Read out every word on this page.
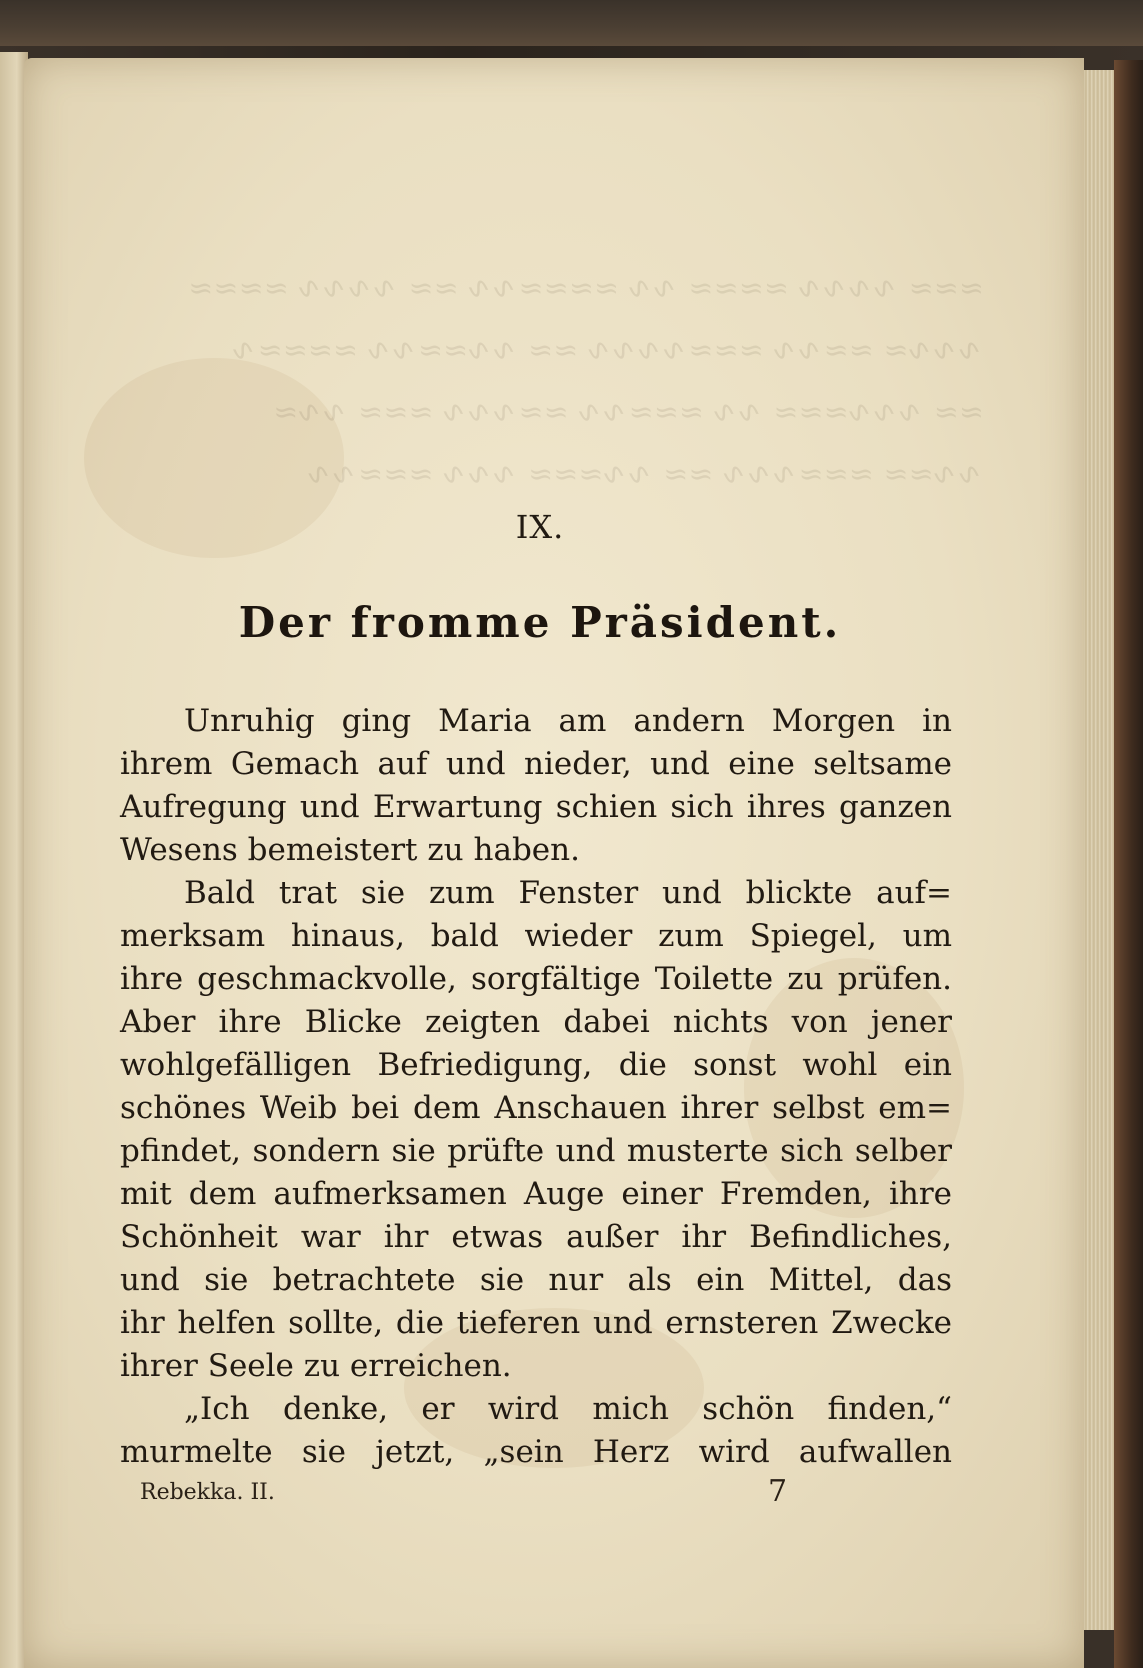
≈≈≈ ∿∿∿∿ ≈≈≈≈ ∿∿ ≈≈≈≈∿∿ ≈≈ ∿∿∿∿ ≈≈≈≈
∿∿∿≈ ≈≈∿∿ ≈≈≈∿∿∿∿ ≈≈ ∿∿≈≈∿∿ ≈≈≈≈∿
≈≈ ∿∿∿≈≈≈ ∿∿ ≈≈≈∿∿ ≈≈∿∿∿ ≈≈≈ ∿∿≈
∿∿≈≈ ≈≈≈∿∿∿ ≈≈ ∿∿≈≈≈ ∿∿∿ ≈≈≈∿∿
IX.
Der fromme Präsident.
Unruhig ging Maria am andern Morgen in
ihrem Gemach auf und nieder, und eine seltsame
Aufregung und Erwartung schien sich ihres ganzen
Wesens bemeistert zu haben.
Bald trat sie zum Fenster und blickte auf=
merksam hinaus, bald wieder zum Spiegel, um
ihre geschmackvolle, sorgfältige Toilette zu prüfen.
Aber ihre Blicke zeigten dabei nichts von jener
wohlgefälligen Befriedigung, die sonst wohl ein
schönes Weib bei dem Anschauen ihrer selbst em=
pfindet, sondern sie prüfte und musterte sich selber
mit dem aufmerksamen Auge einer Fremden, ihre
Schönheit war ihr etwas außer ihr Befindliches,
und sie betrachtete sie nur als ein Mittel, das
ihr helfen sollte, die tieferen und ernsteren Zwecke
ihrer Seele zu erreichen.
„Ich denke, er wird mich schön finden,“
murmelte sie jetzt, „sein Herz wird aufwallen
Rebekka. II.	7
